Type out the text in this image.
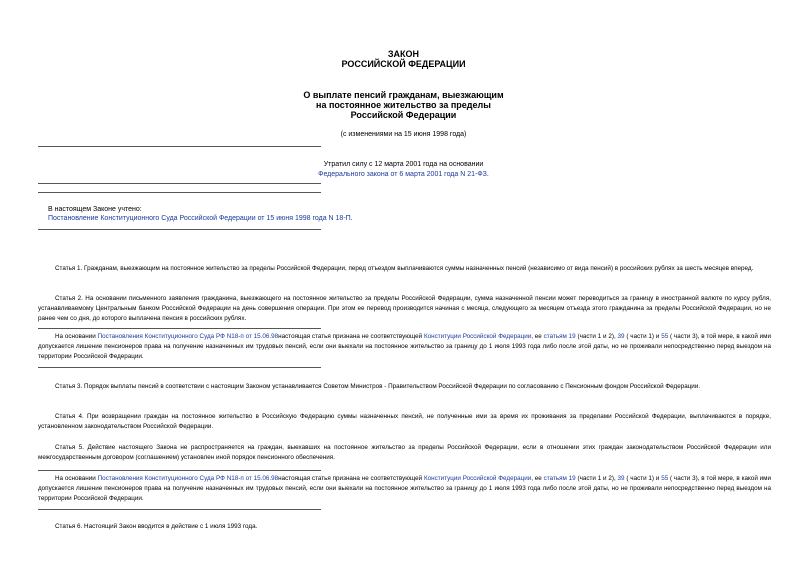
ЗАКОН
РОССИЙСКОЙ ФЕДЕРАЦИИ
О выплате пенсий гражданам, выезжающим
на постоянное жительство за пределы
Российской Федерации
(с изменениями на 15 июня 1998 года)
Утратил силу с 12 марта 2001 года на основании
Федерального закона от 6 марта 2001 года N 21-ФЗ.
В настоящем Законе учтено:
Постановление Конституционного Суда Российской Федерации от 15 июня 1998 года N 18-П.
Статья 1. Гражданам, выезжающим на постоянное жительство за пределы Российской Федерации, перед отъездом выплачиваются суммы назначенных пенсий (независимо от вида пенсий) в российских рублях за шесть месяцев вперед.
Статья 2. На основании письменного заявления гражданина, выезжающего на постоянное жительство за пределы Российской Федерации, сумма назначенной пенсии может переводиться за границу в иностранной валюте по курсу рубля, устанавливаемому Центральным банком Российской Федерации на день совершения операции. При этом ее перевод производится начиная с месяца, следующего за месяцем отъезда этого гражданина за пределы Российской Федерации, но не ранее чем со дня, до которого выплачена пенсия в российских рублях.
На основании Постановления Конституционного Суда РФ N18-п от 15.06.98настоящая статья признана не соответствующей Конституции Российской Федерации, ее статьям 19 (части 1 и 2), 39 ( части 1) и 55 ( части 3), в той мере, в какой ими допускается лишение пенсионеров права на получение назначенных им трудовых пенсий, если они выехали на постоянное жительство за границу до 1 июля 1993 года либо после этой даты, но не проживали непосредственно перед выездом на территории Российской Федерации.
Статья 3. Порядок выплаты пенсий в соответствии с настоящим Законом устанавливается Советом Министров - Правительством Российской Федерации по согласованию с Пенсионным фондом Российской Федерации.
Статья 4. При возвращении граждан на постоянное жительство в Российскую Федерацию суммы назначенных пенсий, не полученные ими за время их проживания за пределами Российской Федерации, выплачиваются в порядке, установленном законодательством Российской Федерации.
Статья 5. Действие настоящего Закона не распространяется на граждан, выехавших на постоянное жительство за пределы Российской Федерации, если в отношении этих граждан законодательством Российской Федерации или межгосударственным договором (соглашением) установлен иной порядок пенсионного обеспечения.
На основании Постановления Конституционного Суда РФ N18-п от 15.06.98настоящая статья признана не соответствующей Конституции Российской Федерации, ее статьям 19 (части 1 и 2), 39 ( части 1) и 55 ( части 3), в той мере, в какой ими допускается лишение пенсионеров права на получение назначенных им трудовых пенсий, если они выехали на постоянное жительство за границу до 1 июля 1993 года либо после этой даты, но не проживали непосредственно перед выездом на территории Российской Федерации.
Статья 6. Настоящий Закон вводится в действие с 1 июля 1993 года.
